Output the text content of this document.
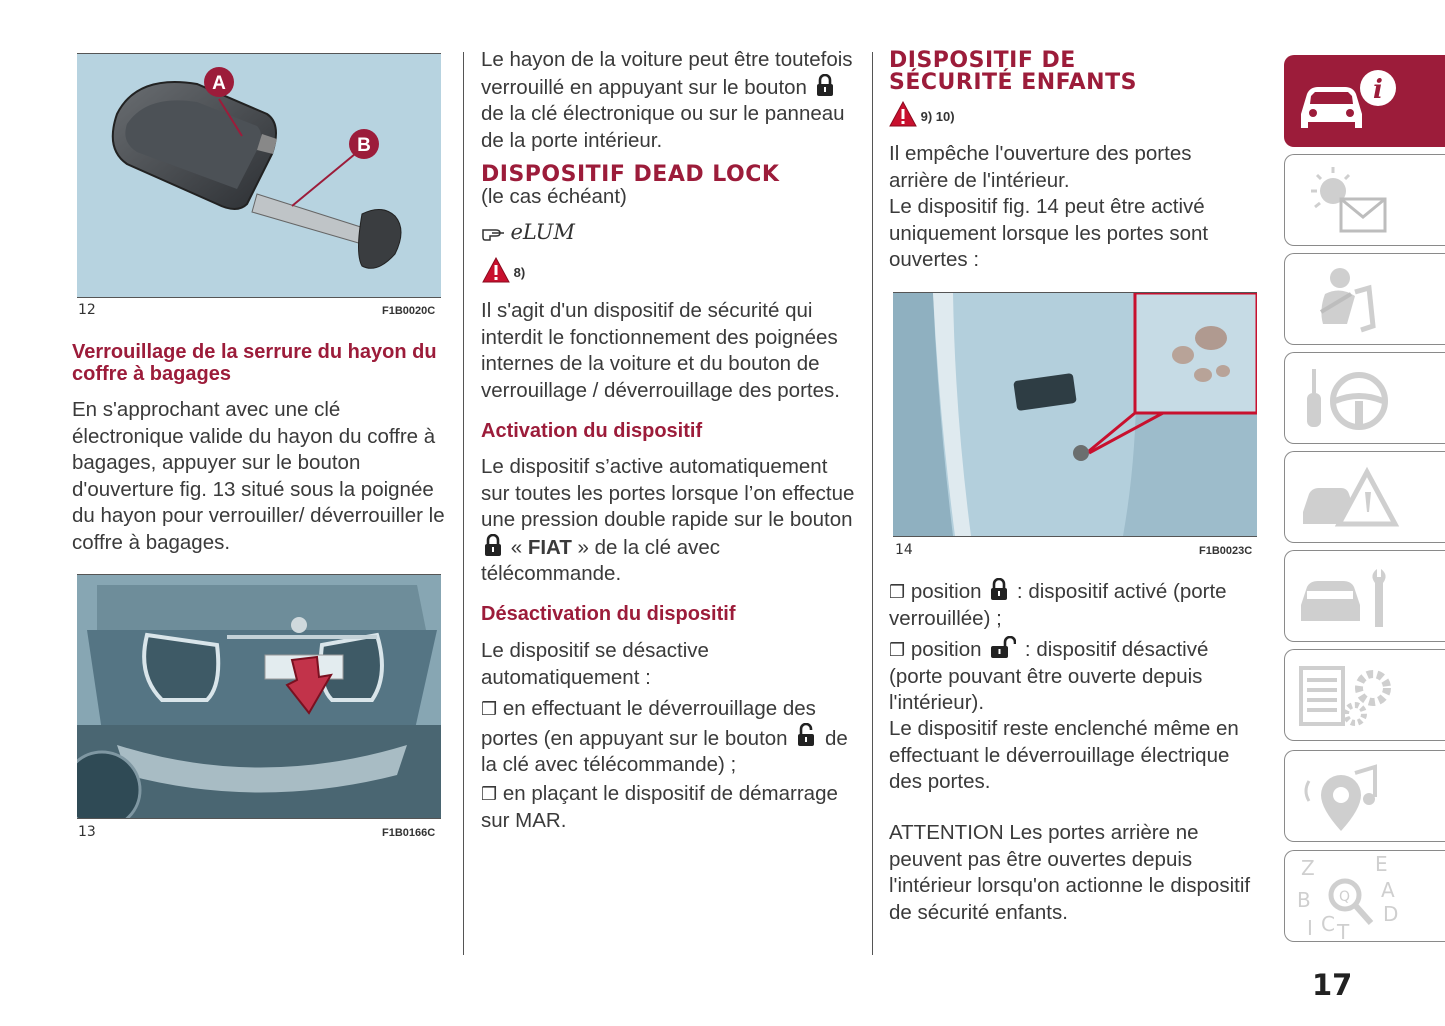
A
B
12	F1B0020C
Verrouillage de la serrure du hayon du coffre à bagages

En s'approchant avec une clé électronique valide du hayon du coffre à bagages, appuyer sur le bouton d'ouverture fig. 13 situé sous la poignée du hayon pour verrouiller/ déverrouiller le coffre à bagages.

13	F1B0166C

Le hayon de la voiture peut être toutefois verrouillé en appuyant sur le bouton  de la clé électronique ou sur le panneau de la porte intérieur.

DISPOSITIF DEAD LOCK
(le cas échéant)
eLUM
8)

Il s'agit d'un dispositif de sécurité qui interdit le fonctionnement des poignées internes de la voiture et du bouton de verrouillage / déverrouillage des portes.

Activation du dispositif

Le dispositif s’active automatiquement sur toutes les portes lorsque l’on effectue une pression double rapide sur le bouton  « FIAT » de la clé avec télécommande.

Désactivation du dispositif

Le dispositif se désactive automatiquement :

❒ en effectuant le déverrouillage des portes (en appuyant sur le bouton de la clé avec télécommande) ;

❒ en plaçant le dispositif de démarrage sur MAR.

DISPOSITIF DE
SÉCURITÉ ENFANTS
9) 10)

Il empêche l'ouverture des portes arrière de l'intérieur.

Le dispositif fig. 14 peut être activé uniquement lorsque les portes sont ouvertes :

14	F1B0023C

❒ position : dispositif activé (porte verrouillée) ;

❒ position : dispositif désactivé (porte pouvant être ouverte depuis l'intérieur).

Le dispositif reste enclenché même en effectuant le déverrouillage électrique des portes.

ATTENTION Les portes arrière ne peuvent pas être ouvertes depuis l'intérieur lorsqu'on actionne le dispositif de sécurité enfants.

i
Z	E
A
D
T
C
I
B Q
17
